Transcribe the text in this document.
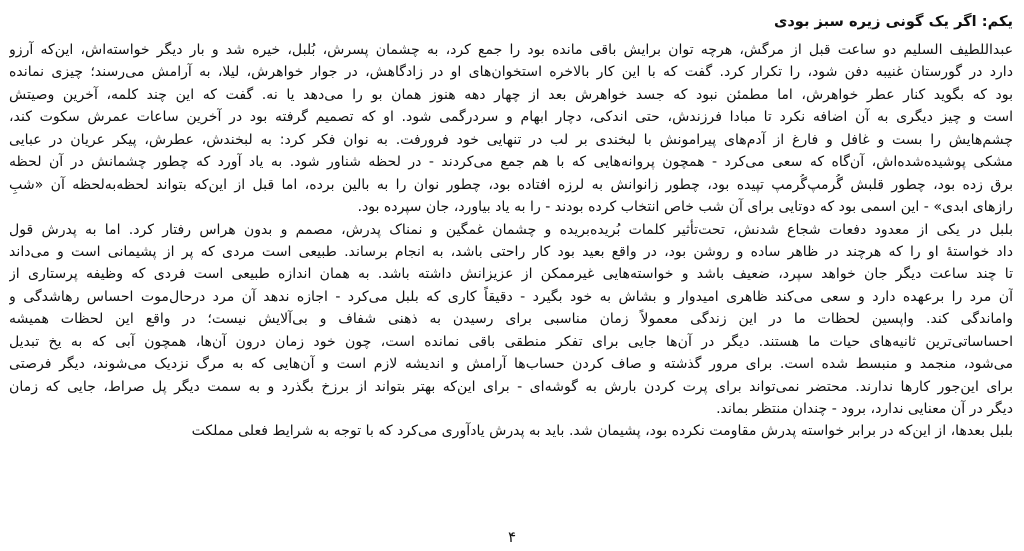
یکم: اگر یک گونی زیره سبز بودی
عبداللطیف السلیم دو ساعت قبل از مرگش، هرچه توان برایش باقی مانده بود را جمع کرد، به چشمان پسرش، بُلبل، خیره شد و بار دیگر خواسته‌اش، این‌که آرزو
دارد در گورستان غنیبه دفن شود، را تکرار کرد. گفت که با این کار بالاخره استخوان‌های او در زادگاهش، در جوار خواهرش، لیلا، به آرامش می‌رسند؛ چیزی نمانده
بود که بگوید کنار عطر خواهرش، اما مطمئن نبود که جسد خواهرش بعد از چهار دهه هنوز همان بو را می‌دهد یا نه. گفت که این چند کلمه، آخرین وصیتش
است و چیز دیگری به آن اضافه نکرد تا مبادا فرزندش، حتی اندکی، دچار ابهام و سردرگمی شود. او که تصمیم گرفته بود در آخرین ساعات عمرش سکوت کند،
چشم‌هایش را بست و غافل و فارغ از آدم‌های پیرامونش با لبخندی بر لب در تنهایی خود فرورفت. به نوان فکر کرد: به لبخندش، عطرش، پیکر عریان در عبایی
مشکی پوشیده‌شده‌اش، آن‌گاه که سعی می‌کرد - همچون پروانه‌هایی که با هم جمع می‌کردند - در لحظه شناور شود. به یاد آورد که چطور چشمانش در آن لحظه
برق زده بود، چطور قلبش گُرمپ‌گُرمپ تپیده بود، چطور زانوانش به لرزه افتاده بود، چطور نوان را به بالین برده، اما قبل از این‌که بتواند لحظه‌به‌لحظه آن «شبِ
رازهای ابدی» - این اسمی بود که دوتایی برای آن شب خاص انتخاب کرده بودند - را به یاد بیاورد، جان سپرده بود.
بلبل در یکی از معدود دفعات شجاع شدنش، تحت‌تأثیر کلمات بُریده‌بریده و چشمان غمگین و نمناک پدرش، مصمم و بدون هراس رفتار کرد. اما به پدرش قول
داد خواستهٔ او را که هرچند در ظاهر ساده و روشن بود، در واقع بعید بود کار راحتی باشد، به انجام برساند. طبیعی است مردی که پر از پشیمانی است و می‌داند
تا چند ساعت دیگر جان خواهد سپرد، ضعیف باشد و خواسته‌هایی غیرممکن از عزیزانش داشته باشد. به همان اندازه طبیعی است فردی که وظیفه پرستاری از
آن مرد را برعهده دارد و سعی می‌کند ظاهری امیدوار و بشاش به خود بگیرد - دقیقاً کاری که بلبل می‌کرد - اجازه ندهد آن مرد درحال‌موت احساس رهاشدگی و
واماندگی کند. واپسین لحظات ما در این زندگی معمولاً زمان مناسبی برای رسیدن به ذهنی شفاف و بی‌آلایش نیست؛ در واقع این لحظات همیشه
احساساتی‌ترین ثانیه‌های حیات ما هستند. دیگر در آن‌ها جایی برای تفکر منطقی باقی نمانده است، چون خود زمان درون آن‌ها، همچون آبی که به یخ تبدیل
می‌شود، منجمد و منبسط شده است. برای مرور گذشته و صاف کردن حساب‌ها آرامش و اندیشه لازم است و آن‌هایی که به مرگ نزدیک می‌شوند، دیگر فرصتی
برای این‌جور کارها ندارند. محتضر نمی‌تواند برای پرت کردن بارش به گوشه‌ای - برای این‌که بهتر بتواند از برزخ بگذرد و به سمت دیگر پل صراط، جایی که زمان
دیگر در آن معنایی ندارد، برود - چندان منتظر بماند.
بلبل بعدها، از این‌که در برابر خواسته پدرش مقاومت نکرده بود، پشیمان شد. باید به پدرش یادآوری می‌کرد که با توجه به شرایط فعلی مملکت
۴
